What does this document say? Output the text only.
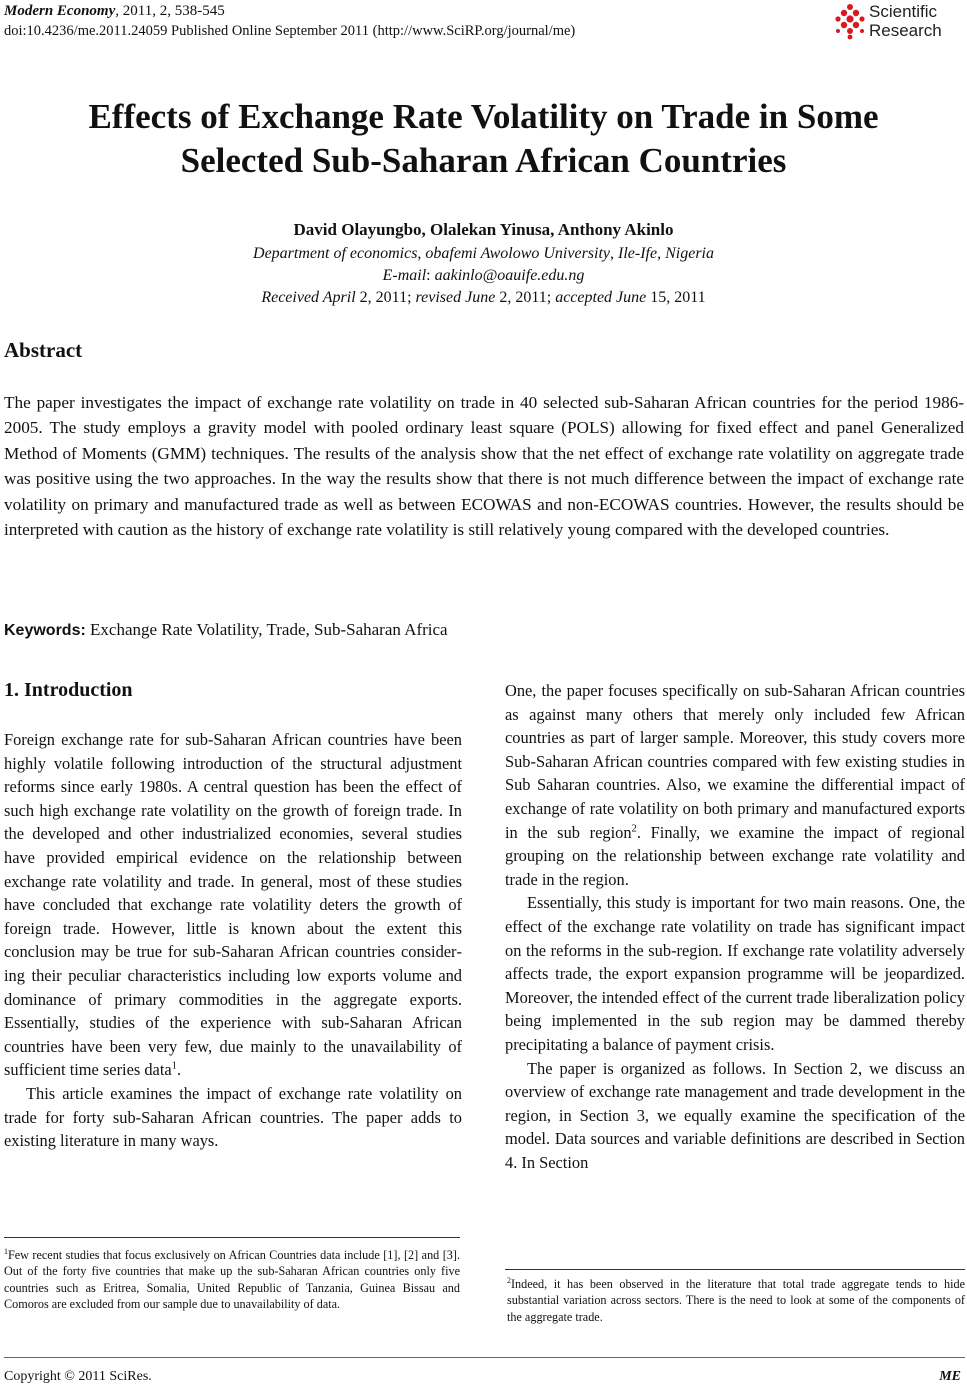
Modern Economy, 2011, 2, 538-545
doi:10.4236/me.2011.24059 Published Online September 2011 (http://www.SciRP.org/journal/me)
Scientific
Research
Effects of Exchange Rate Volatility on Trade in Some
Selected Sub-Saharan African Countries
David Olayungbo, Olalekan Yinusa, Anthony Akinlo
Department of economics, obafemi Awolowo University, Ile-Ife, Nigeria
E-mail: aakinlo@oauife.edu.ng
Received April 2, 2011; revised June 2, 2011; accepted June 15, 2011
Abstract
The paper investigates the impact of exchange rate volatility on trade in 40 selected sub-Saharan African countries for the period 1986-2005. The study employs a gravity model with pooled ordinary least square (POLS) allowing for fixed effect and panel Generalized Method of Moments (GMM) techniques. The results of the analysis show that the net effect of exchange rate volatility on aggregate trade was positive using the two approaches. In the way the results show that there is not much difference between the impact of exchange rate volatility on primary and manufactured trade as well as between ECOWAS and non-ECOWAS countries. However, the results should be interpreted with caution as the history of exchange rate volatility is still relatively young compared with the developed countries.
Keywords: Exchange Rate Volatility, Trade, Sub-Saharan Africa
1. Introduction

Foreign exchange rate for sub-Saharan African countries have been highly volatile following introduction of the structural adjustment reforms since early 1980s. A central question has been the effect of such high exchange rate volatility on the growth of foreign trade. In the developed and other industrialized economies, several studies have provided empirical evidence on the relationship between exchange rate volatility and trade. In general, most of these studies have concluded that exchange rate volatility deters the growth of foreign trade. However, little is known about the extent this conclusion may be true for sub-Saharan African countries considering their peculiar characteristics including low exports volume and dominance of primary commodities in the aggregate exports. Essentially, studies of the experience with sub-Saharan African countries have been very few, due mainly to the unavailability of sufficient time series data$^1$.

This article examines the impact of exchange rate volatility on trade for forty sub-Saharan African countries. The paper adds to existing literature in many ways.

One, the paper focuses specifically on sub-Saharan African countries as against many others that merely only included few African countries as part of larger sample. Moreover, this study covers more Sub-Saharan African countries compared with few existing studies in Sub Saharan countries. Also, we examine the differential impact of exchange of rate volatility on both primary and manufactured exports in the sub region$^2$. Finally, we examine the impact of regional grouping on the relationship between exchange rate volatility and trade in the region.

Essentially, this study is important for two main reasons. One, the effect of the exchange rate volatility on trade has significant impact on the reforms in the sub-region. If exchange rate volatility adversely affects trade, the export expansion programme will be jeopardized. Moreover, the intended effect of the current trade liberalization policy being implemented in the sub region may be dammed thereby precipitating a balance of payment crisis.

The paper is organized as follows. In Section 2, we discuss an overview of exchange rate management and trade development in the region, in Section 3, we equally examine the specification of the model. Data sources and variable definitions are described in Section 4. In Section

$^1$Few recent studies that focus exclusively on African Countries data include [1], [2] and [3]. Out of the forty five countries that make up the sub-Saharan African countries only five countries such as Eritrea, Somalia, United Republic of Tanzania, Guinea Bissau and Comoros are excluded from our sample due to unavailability of data.
$^2$Indeed, it has been observed in the literature that total trade aggregate tends to hide substantial variation across sectors. There is the need to look at some of the components of the aggregate trade.
Copyright © 2011 SciRes.	ME
